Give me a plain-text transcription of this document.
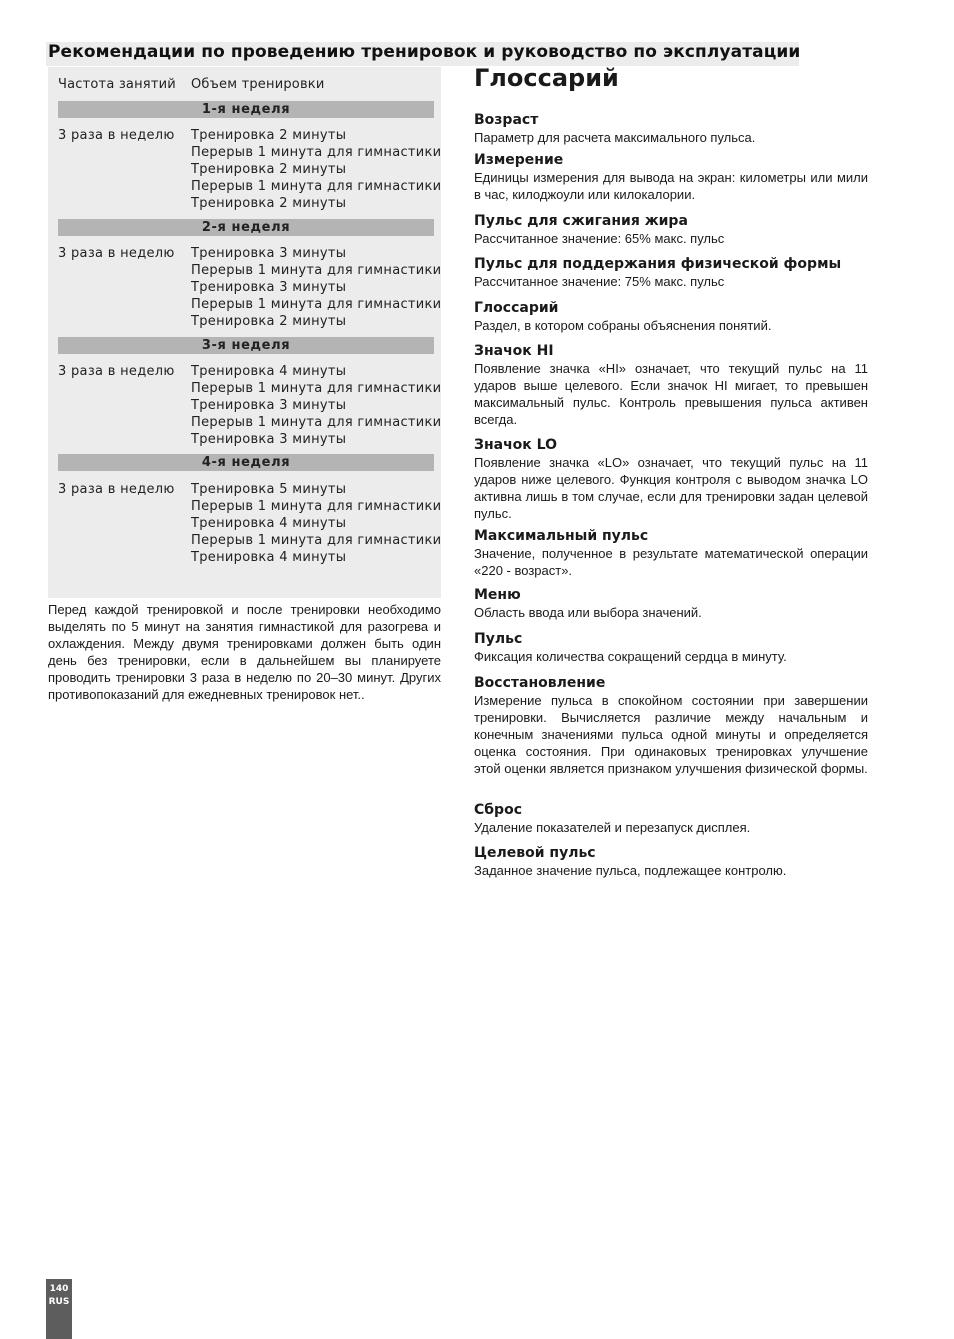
Рекомендации по проведению тренировок и руководство по эксплуатации
Частота занятий Объем тренировки
1-я неделя
3 раза в неделю Тренировка 2 минуты
Перерыв 1 минута для гимнастики
Тренировка 2 минуты
Перерыв 1 минута для гимнастики
Тренировка 2 минуты
2-я неделя
3 раза в неделю Тренировка 3 минуты
Перерыв 1 минута для гимнастики
Тренировка 3 минуты
Перерыв 1 минута для гимнастики
Тренировка 2 минуты
3-я неделя
3 раза в неделю Тренировка 4 минуты
Перерыв 1 минута для гимнастики
Тренировка 3 минуты
Перерыв 1 минута для гимнастики
Тренировка 3 минуты
4-я неделя
3 раза в неделю Тренировка 5 минуты
Перерыв 1 минута для гимнастики
Тренировка 4 минуты
Перерыв 1 минута для гимнастики
Тренировка 4 минуты

Перед каждой тренировкой и после тренировки необходимо выделять по 5 минут на занятия гимнастикой для разогрева и охлаждения. Между двумя тренировками должен быть один день без тренировки, если в дальнейшем вы планируете проводить тренировки 3 раза в неделю по 20–30 минут. Других противопоказаний для ежедневных тренировок нет..

Глоссарий
Возраст
Параметр для расчета максимального пульса.
Измерение
Единицы измерения для вывода на экран: километры или мили в час, килоджоули или килокалории.
Пульс для сжигания жира
Рассчитанное значение: 65% макс. пульс
Пульс для поддержания физической формы
Рассчитанное значение: 75% макс. пульс
Глоссарий
Раздел, в котором собраны объяснения понятий.
Значок HI
Появление значка «HI» означает, что текущий пульс на 11 ударов выше целевого. Если значок HI мигает, то превышен максимальный пульс. Контроль превышения пульса активен всегда.
Значок LO
Появление значка «LO» означает, что текущий пульс на 11 ударов ниже целевого. Функция контроля с выводом значка LO активна лишь в том случае, если для тренировки задан целевой пульс.
Максимальный пульс
Значение, полученное в результате математической операции «220 - возраст».
Меню
Область ввода или выбора значений.
Пульс
Фиксация количества сокращений сердца в минуту.
Восстановление
Измерение пульса в спокойном состоянии при завершении тренировки. Вычисляется различие между начальным и конечным значениями пульса одной минуты и определяется оценка состояния. При одинаковых тренировках улучшение этой оценки является признаком улучшения физической формы.
Сброс
Удаление показателей и перезапуск дисплея.
Целевой пульс
Заданное значение пульса, подлежащее контролю.
140
RUS
